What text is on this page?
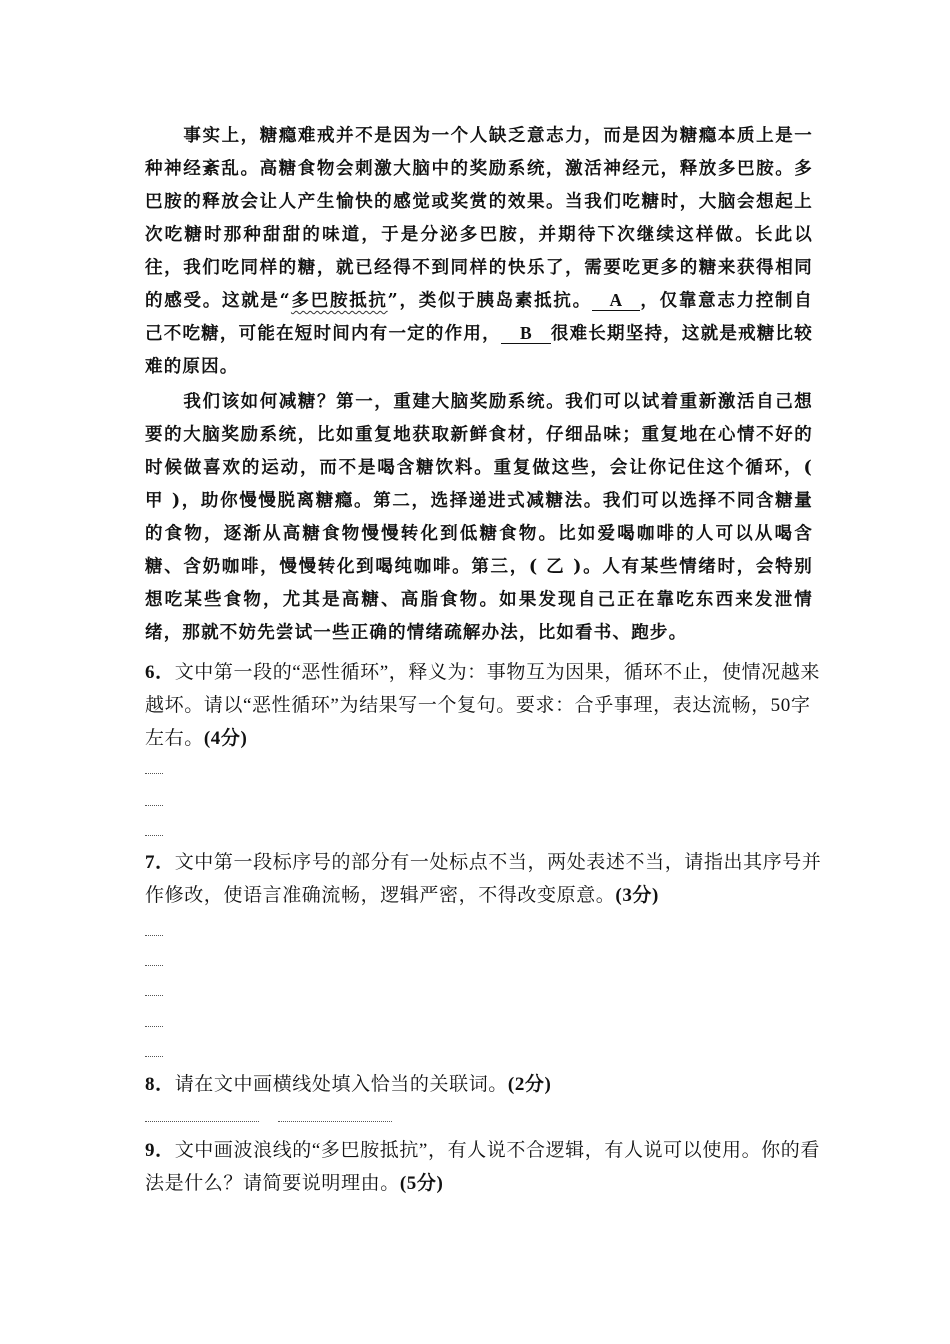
事实上，糖瘾难戒并不是因为一个人缺乏意志力，而是因为糖瘾本质上是一种神经紊乱。高糖食物会刺激大脑中的奖励系统，激活神经元，释放多巴胺。多巴胺的释放会让人产生愉快的感觉或奖赏的效果。当我们吃糖时，大脑会想起上次吃糖时那种甜甜的味道，于是分泌多巴胺，并期待下次继续这样做。长此以往，我们吃同样的糖，就已经得不到同样的快乐了，需要吃更多的糖来获得相同的感受。这就是“多巴胺抵抗”，类似于胰岛素抵抗。 A ，仅靠意志力控制自己不吃糖，可能在短时间内有一定的作用， B 很难长期坚持，这就是戒糖比较难的原因。
我们该如何减糖？第一，重建大脑奖励系统。我们可以试着重新激活自己想要的大脑奖励系统，比如重复地获取新鲜食材，仔细品味；重复地在心情不好的时候做喜欢的运动，而不是喝含糖饮料。重复做这些，会让你记住这个循环，( 甲 )，助你慢慢脱离糖瘾。第二，选择递进式减糖法。我们可以选择不同含糖量的食物，逐渐从高糖食物慢慢转化到低糖食物。比如爱喝咖啡的人可以从喝含糖、含奶咖啡，慢慢转化到喝纯咖啡。第三，( 乙 )。人有某些情绪时，会特别想吃某些食物，尤其是高糖、高脂食物。如果发现自己正在靠吃东西来发泄情绪，那就不妨先尝试一些正确的情绪疏解办法，比如看书、跑步。
6．文中第一段的“恶性循环”，释义为：事物互为因果，循环不止，使情况越来越坏。请以“恶性循环”为结果写一个复句。要求：合乎事理，表达流畅，50字左右。(4分)
7．文中第一段标序号的部分有一处标点不当，两处表述不当，请指出其序号并作修改，使语言准确流畅，逻辑严密，不得改变原意。(3分)
8．请在文中画横线处填入恰当的关联词。(2分)
9．文中画波浪线的“多巴胺抵抗”，有人说不合逻辑，有人说可以使用。你的看法是什么？请简要说明理由。(5分)
